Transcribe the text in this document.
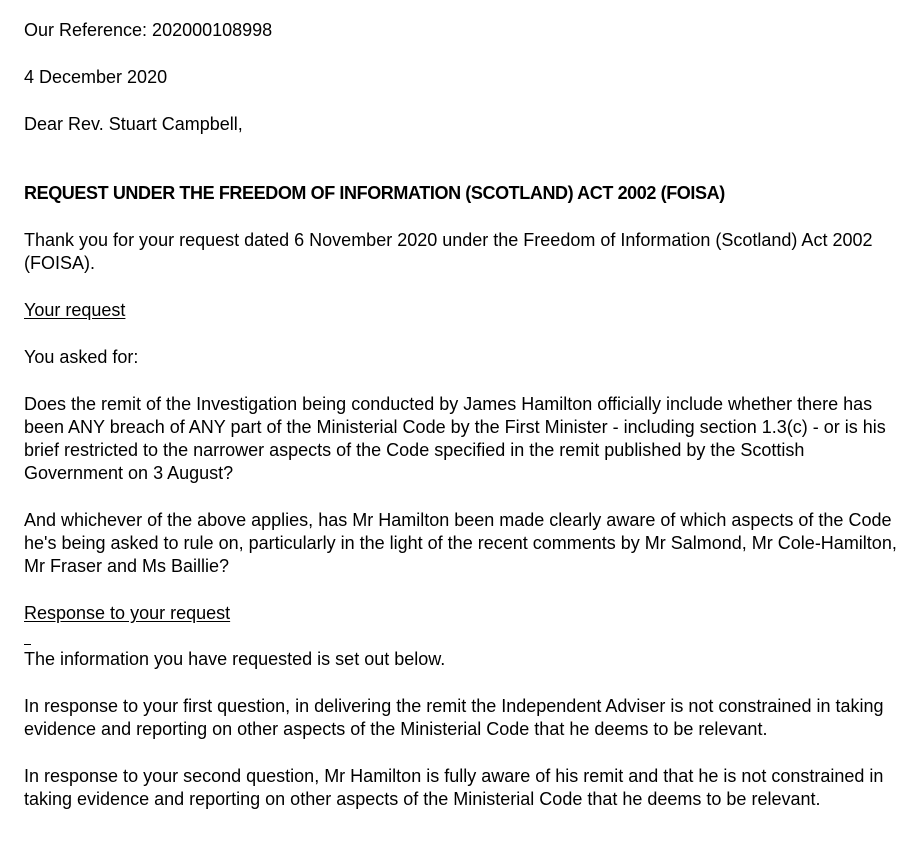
Our Reference: 202000108998

4 December 2020

Dear Rev. Stuart Campbell,

REQUEST UNDER THE FREEDOM OF INFORMATION (SCOTLAND) ACT 2002 (FOISA)

Thank you for your request dated 6 November 2020 under the Freedom of Information (Scotland) Act 2002 (FOISA).

Your request

You asked for:

Does the remit of the Investigation being conducted by James Hamilton officially include whether there has been ANY breach of ANY part of the Ministerial Code by the First Minister - including section 1.3(c) - or is his brief restricted to the narrower aspects of the Code specified in the remit published by the Scottish Government on 3 August?

And whichever of the above applies, has Mr Hamilton been made clearly aware of which aspects of the Code he's being asked to rule on, particularly in the light of the recent comments by Mr Salmond, Mr Cole-Hamilton, Mr Fraser and Ms Baillie?

Response to your request

The information you have requested is set out below.

In response to your first question, in delivering the remit the Independent Adviser is not constrained in taking evidence and reporting on other aspects of the Ministerial Code that he deems to be relevant.

In response to your second question, Mr Hamilton is fully aware of his remit and that he is not constrained in taking evidence and reporting on other aspects of the Ministerial Code that he deems to be relevant.
